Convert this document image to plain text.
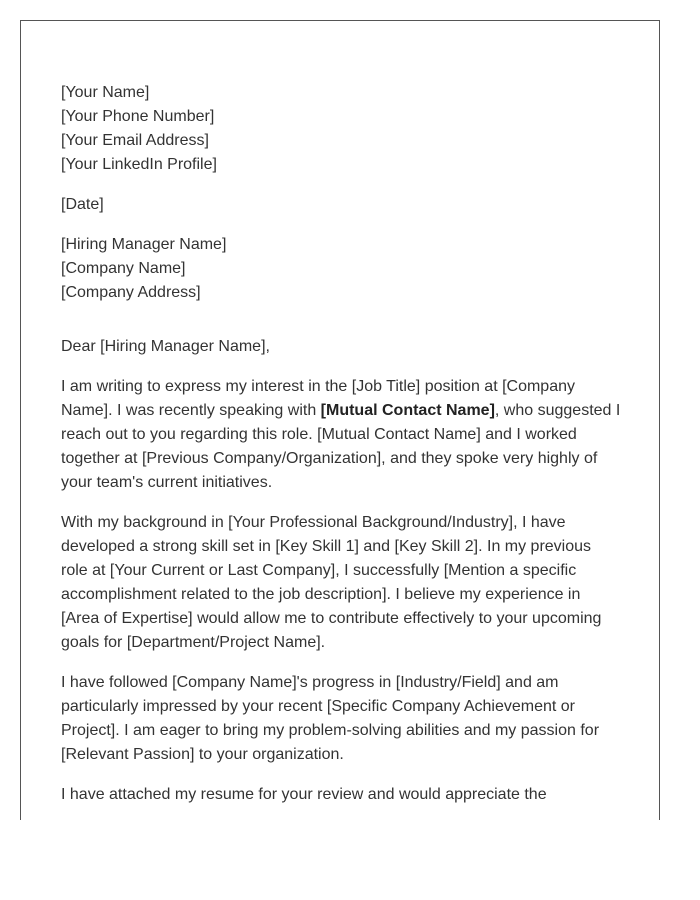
[Your Name]
[Your Phone Number]
[Your Email Address]
[Your LinkedIn Profile]
[Date]
[Hiring Manager Name]
[Company Name]
[Company Address]

Dear [Hiring Manager Name],

I am writing to express my interest in the [Job Title] position at [Company
Name]. I was recently speaking with [Mutual Contact Name], who suggested I
reach out to you regarding this role. [Mutual Contact Name] and I worked
together at [Previous Company/Organization], and they spoke very highly of
your team's current initiatives.

With my background in [Your Professional Background/Industry], I have
developed a strong skill set in [Key Skill 1] and [Key Skill 2]. In my previous
role at [Your Current or Last Company], I successfully [Mention a specific
accomplishment related to the job description]. I believe my experience in
[Area of Expertise] would allow me to contribute effectively to your upcoming
goals for [Department/Project Name].

I have followed [Company Name]'s progress in [Industry/Field] and am
particularly impressed by your recent [Specific Company Achievement or
Project]. I am eager to bring my problem-solving abilities and my passion for
[Relevant Passion] to your organization.

I have attached my resume for your review and would appreciate the
